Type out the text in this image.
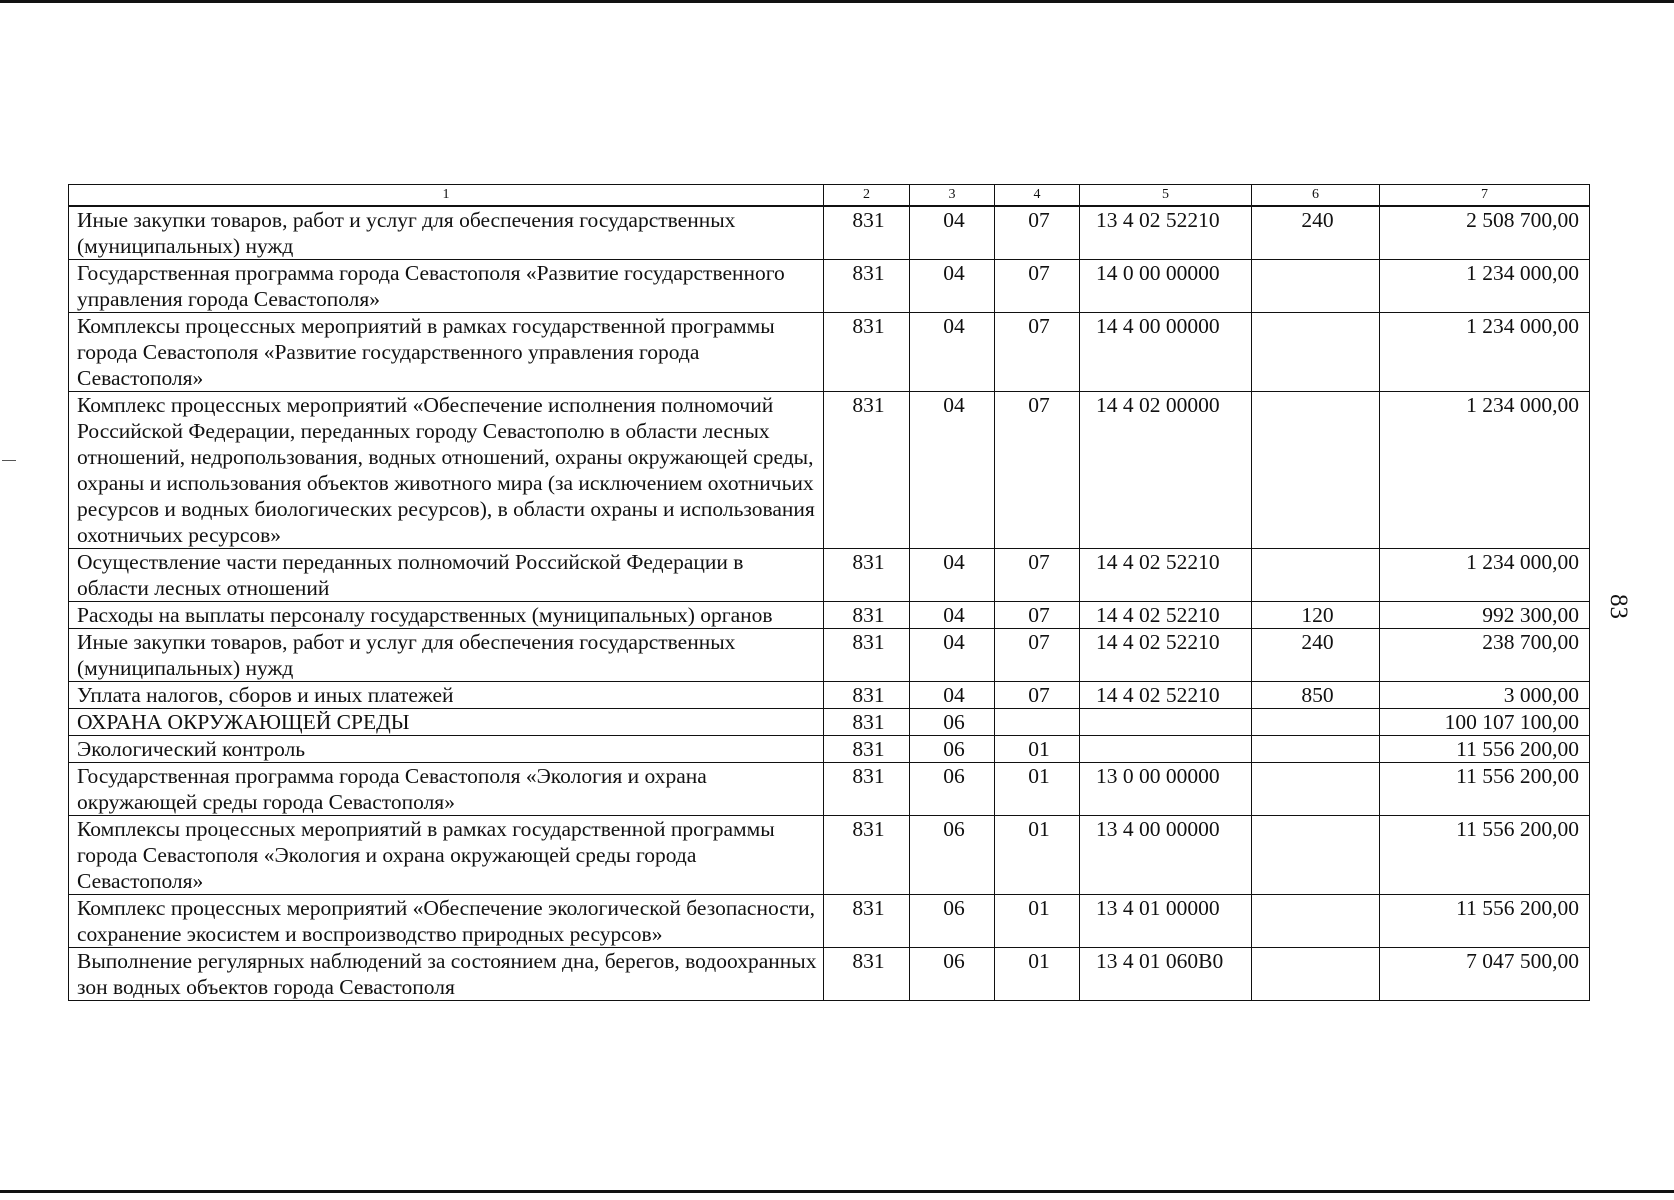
83
1	2	3	4	5	6	7
Иные закупки товаров, работ и услуг для обеспечения государственных (муниципальных) нужд	831	04	07	13 4 02 52210	240	2 508 700,00
Государственная программа города Севастополя «Развитие государственного управления города Севастополя»	831	04	07	14 0 00 00000		1 234 000,00
Комплексы процессных мероприятий в рамках государственной программы города Севастополя «Развитие государственного управления города Севастополя»	831	04	07	14 4 00 00000		1 234 000,00
Комплекс процессных мероприятий «Обеспечение исполнения полномочий Российской Федерации, переданных городу Севастополю в области лесных отношений, недропользования, водных отношений, охраны окружающей среды, охраны и использования объектов животного мира (за исключением охотничьих ресурсов и водных биологических ресурсов), в области охраны и использования охотничьих ресурсов»	831	04	07	14 4 02 00000		1 234 000,00
Осуществление части переданных полномочий Российской Федерации в области лесных отношений	831	04	07	14 4 02 52210		1 234 000,00
Расходы на выплаты персоналу государственных (муниципальных) органов	831	04	07	14 4 02 52210	120	992 300,00
Иные закупки товаров, работ и услуг для обеспечения государственных (муниципальных) нужд	831	04	07	14 4 02 52210	240	238 700,00
Уплата налогов, сборов и иных платежей	831	04	07	14 4 02 52210	850	3 000,00
ОХРАНА ОКРУЖАЮЩЕЙ СРЕДЫ	831	06				100 107 100,00
Экологический контроль	831	06	01			11 556 200,00
Государственная программа города Севастополя «Экология и охрана окружающей среды города Севастополя»	831	06	01	13 0 00 00000		11 556 200,00
Комплексы процессных мероприятий в рамках государственной программы города Севастополя «Экология и охрана окружающей среды города Севастополя»	831	06	01	13 4 00 00000		11 556 200,00
Комплекс процессных мероприятий «Обеспечение экологической безопасности, сохранение экосистем и воспроизводство природных ресурсов»	831	06	01	13 4 01 00000		11 556 200,00
Выполнение регулярных наблюдений за состоянием дна, берегов, водоохранных зон водных объектов города Севастополя	831	06	01	13 4 01 060В0		7 047 500,00
